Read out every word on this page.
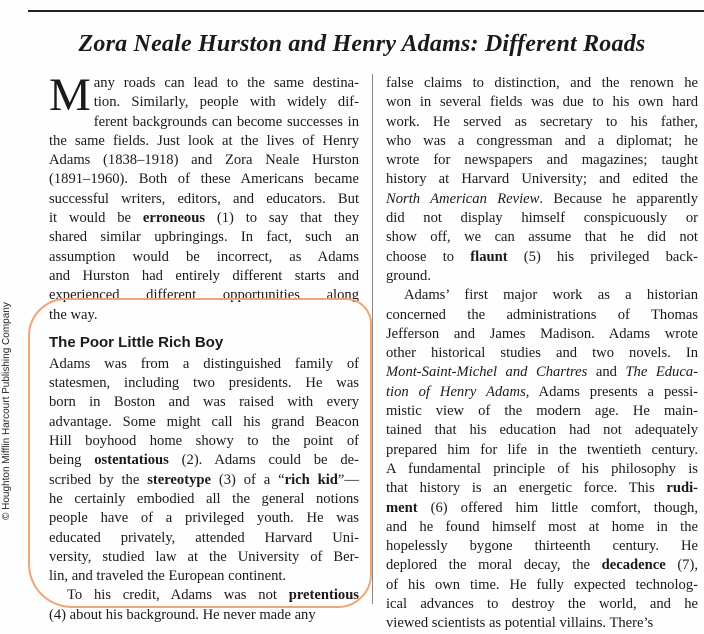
Zora Neale Hurston and Henry Adams: Different Roads
© Houghton Mifflin Harcourt Publishing Company
M any roads can lead to the same destina-
tion. Similarly, people with widely dif-
ferent backgrounds can become successes in
the same fields. Just look at the lives of Henry
Adams (1838–1918) and Zora Neale Hurston
(1891–1960). Both of these Americans became
successful writers, editors, and educators. But
it would be erroneous (1) to say that they
shared similar upbringings. In fact, such an
assumption would be incorrect, as Adams
and Hurston had entirely different starts and
experienced different opportunities along
the way.
The Poor Little Rich Boy
Adams was from a distinguished family of
statesmen, including two presidents. He was
born in Boston and was raised with every
advantage. Some might call his grand Beacon
Hill boyhood home showy to the point of
being ostentatious (2). Adams could be de-
scribed by the stereotype (3) of a “rich kid”—
he certainly embodied all the general notions
people have of a privileged youth. He was
educated privately, attended Harvard Uni-
versity, studied law at the University of Ber-
lin, and traveled the European continent.
To his credit, Adams was not pretentious
(4) about his background. He never made any
false claims to distinction, and the renown he
won in several fields was due to his own hard
work. He served as secretary to his father,
who was a congressman and a diplomat; he
wrote for newspapers and magazines; taught
history at Harvard University; and edited the
North American Review. Because he apparently
did not display himself conspicuously or
show off, we can assume that he did not
choose to flaunt (5) his privileged back-
ground.
Adams’ first major work as a historian
concerned the administrations of Thomas
Jefferson and James Madison. Adams wrote
other historical studies and two novels. In
Mont-Saint-Michel and Chartres and The Educa-
tion of Henry Adams, Adams presents a pessi-
mistic view of the modern age. He main-
tained that his education had not adequately
prepared him for life in the twentieth century.
A fundamental principle of his philosophy is
that history is an energetic force. This rudi-
ment (6) offered him little comfort, though,
and he found himself most at home in the
hopelessly bygone thirteenth century. He
deplored the moral decay, the decadence (7),
of his own time. He fully expected technolog-
ical advances to destroy the world, and he
viewed scientists as potential villains. There’s
